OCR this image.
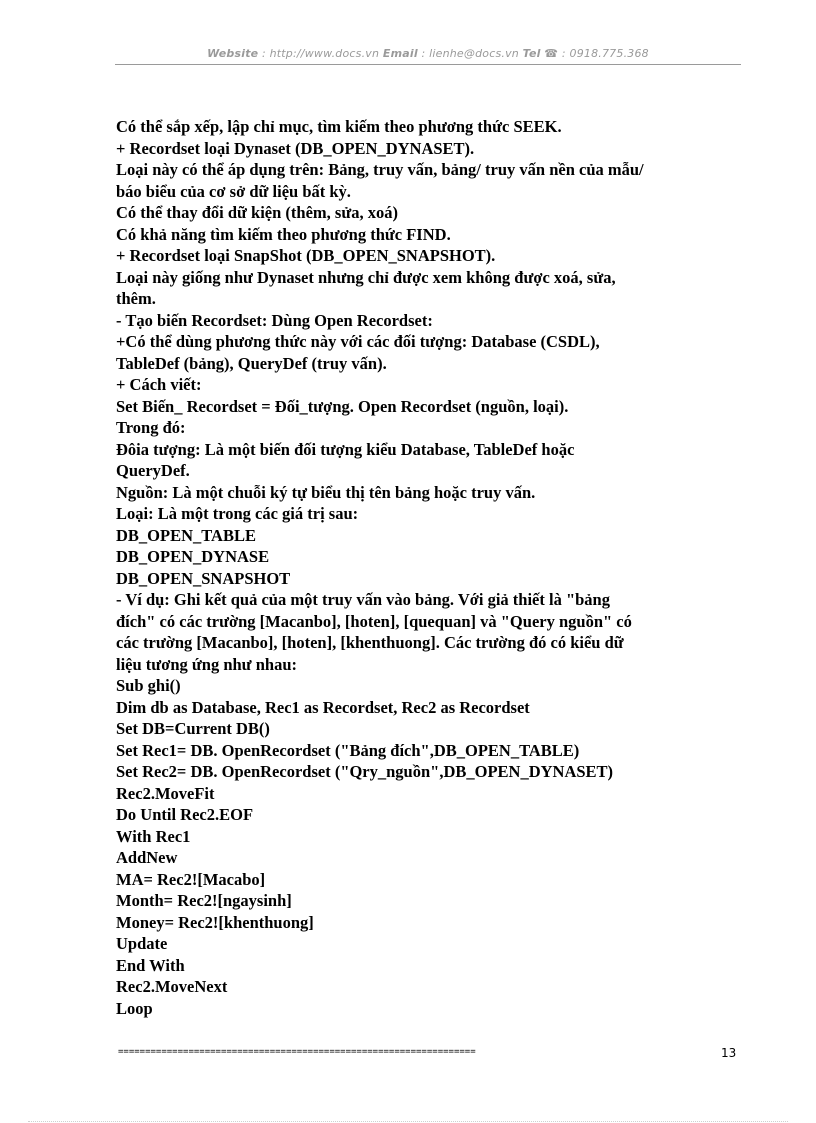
Website : http://www.docs.vn Email : lienhe@docs.vn Tel ☎ : 0918.775.368
Có thể sắp xếp, lập chỉ mục, tìm kiếm theo phương thức SEEK.
+ Recordset loại Dynaset (DB_OPEN_DYNASET).
Loại này có thể áp dụng trên: Bảng, truy vấn, bảng/ truy vấn nền của mẫu/
báo biểu của cơ sở dữ liệu bất kỳ.
Có thể thay đổi dữ kiện (thêm, sửa, xoá)
Có khả năng tìm kiếm theo phương thức FIND.
+ Recordset loại SnapShot (DB_OPEN_SNAPSHOT).
Loại này giống như Dynaset nhưng chỉ được xem không được xoá, sửa,
thêm.
- Tạo biến Recordset: Dùng Open Recordset:
+Có thể dùng phương thức này với các đối tượng: Database (CSDL),
TableDef (bảng), QueryDef (truy vấn).
+ Cách viết:
Set Biến_ Recordset = Đối_tượng. Open Recordset (nguồn, loại).
Trong đó:
Đôia tượng: Là một biến đối tượng kiểu Database, TableDef hoặc
QueryDef.
Nguồn: Là một chuỗi ký tự biểu thị tên bảng hoặc truy vấn.
Loại: Là một trong các giá trị sau:
DB_OPEN_TABLE
DB_OPEN_DYNASE
DB_OPEN_SNAPSHOT
- Ví dụ: Ghi kết quả của một truy vấn vào bảng. Với giả thiết là "bảng
đích" có các trường [Macanbo], [hoten], [quequan] và "Query nguồn" có
các trường [Macanbo], [hoten], [khenthuong]. Các trường đó có kiểu dữ
liệu tương ứng như nhau:
Sub ghi()
Dim db as Database, Rec1 as Recordset, Rec2 as Recordset
Set DB=Current DB()
Set Rec1= DB. OpenRecordset ("Bảng đích",DB_OPEN_TABLE)
Set Rec2= DB. OpenRecordset ("Qry_nguồn",DB_OPEN_DYNASET)
Rec2.MoveFit
Do Until Rec2.EOF
With Rec1
AddNew
MA= Rec2![Macabo]
Month= Rec2![ngaysinh]
Money= Rec2![khenthuong]
Update
End With
Rec2.MoveNext
Loop
==================================================================	13
